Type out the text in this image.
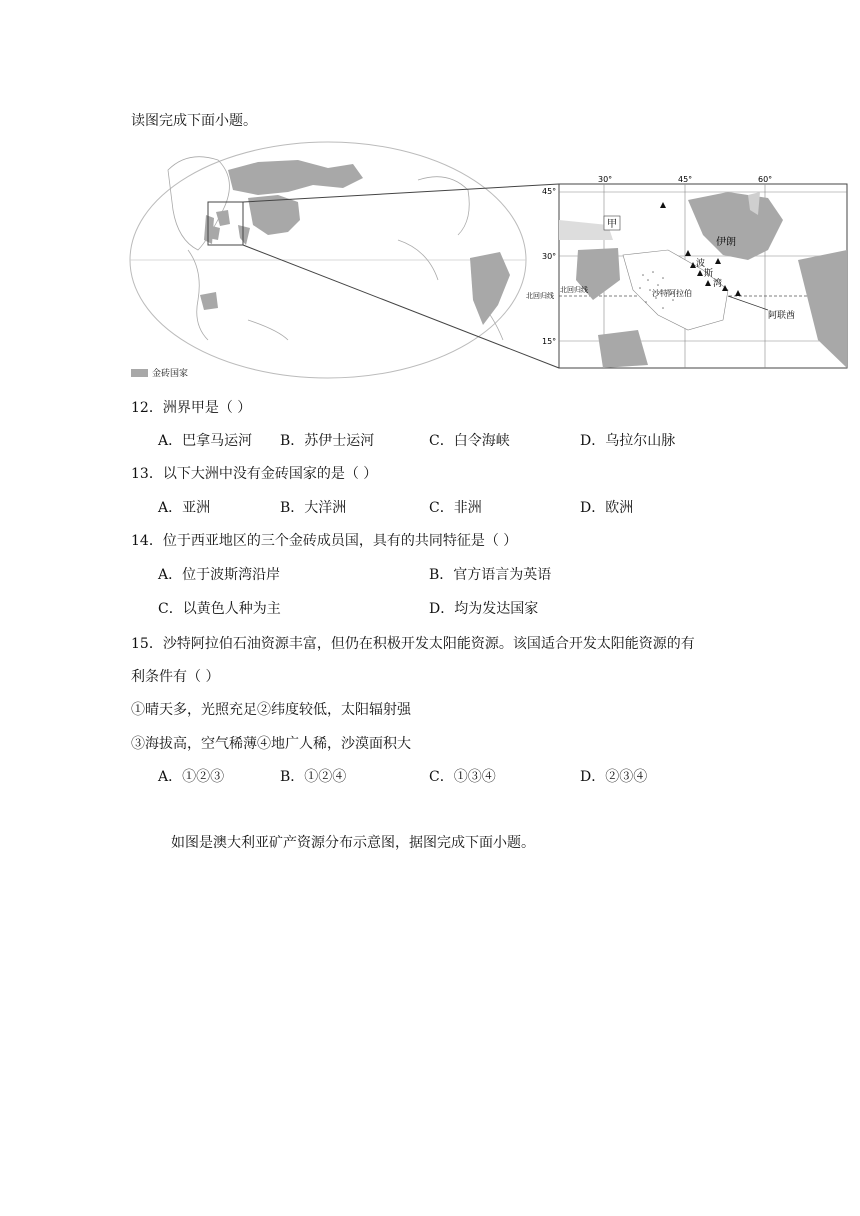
读图完成下面小题。
45°
30°
15°
30°	45°	60°
北回归线
北回归线
甲
伊朗
波
斯
湾
沙特阿拉伯
阿联酋
金砖国家
12．洲界甲是（ ）
A．巴拿马运河 B．苏伊士运河	C．白令海峡	D．乌拉尔山脉
13．以下大洲中没有金砖国家的是（ ）
A．亚洲	B．大洋洲	C．非洲	D．欧洲
14．位于西亚地区的三个金砖成员国，具有的共同特征是（ ）
A．位于波斯湾沿岸	B．官方语言为英语
C．以黄色人种为主	D．均为发达国家
15．沙特阿拉伯石油资源丰富，但仍在积极开发太阳能资源。该国适合开发太阳能资源的有
利条件有（ ）
①晴天多，光照充足②纬度较低，太阳辐射强
③海拔高，空气稀薄④地广人稀，沙漠面积大
A．①②③	B．①②④	C．①③④	D．②③④
如图是澳大利亚矿产资源分布示意图，据图完成下面小题。
